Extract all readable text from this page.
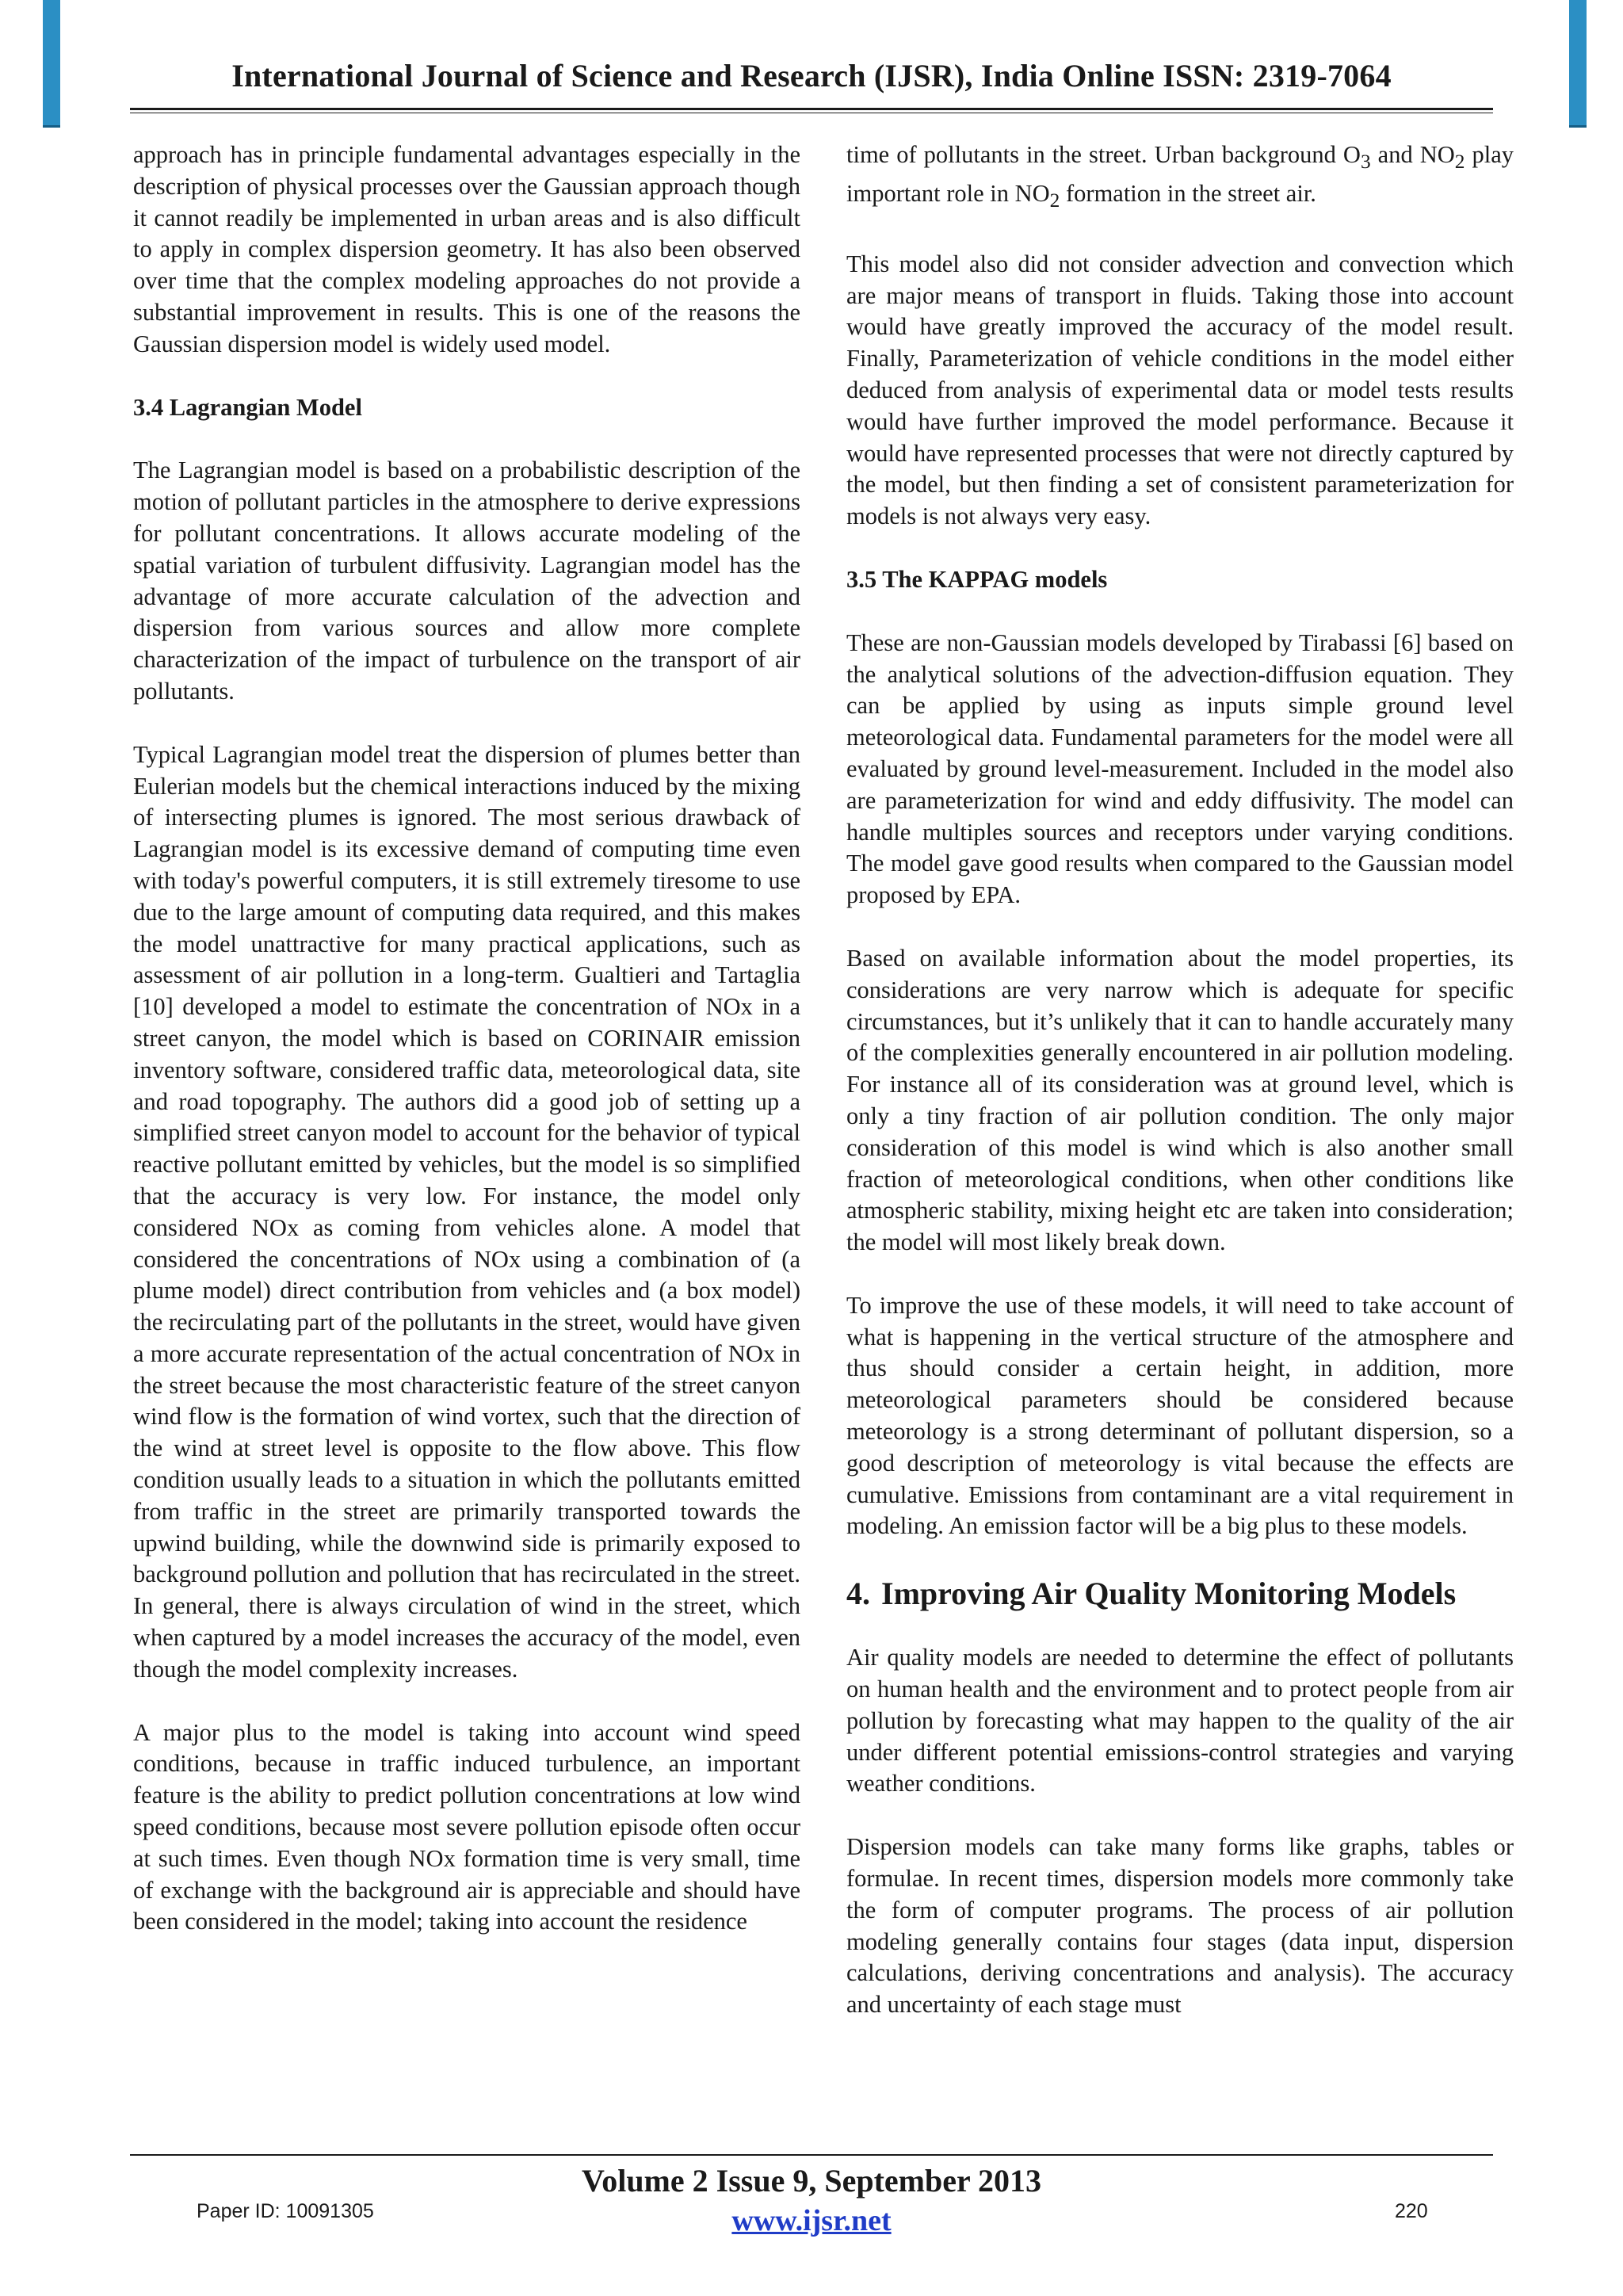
International Journal of Science and Research (IJSR), India Online ISSN: 2319-7064

approach has in principle fundamental advantages especially in the description of physical processes over the Gaussian approach though it cannot readily be implemented in urban areas and is also difficult to apply in complex dispersion geometry. It has also been observed over time that the complex modeling approaches do not provide a substantial improvement in results. This is one of the reasons the Gaussian dispersion model is widely used model.

3.4 Lagrangian Model

The Lagrangian model is based on a probabilistic description of the motion of pollutant particles in the atmosphere to derive expressions for pollutant concentrations. It allows accurate modeling of the spatial variation of turbulent diffusivity. Lagrangian model has the advantage of more accurate calculation of the advection and dispersion from various sources and allow more complete characterization of the impact of turbulence on the transport of air pollutants.

Typical Lagrangian model treat the dispersion of plumes better than Eulerian models but the chemical interactions induced by the mixing of intersecting plumes is ignored. The most serious drawback of Lagrangian model is its excessive demand of computing time even with today's powerful computers, it is still extremely tiresome to use due to the large amount of computing data required, and this makes the model unattractive for many practical applications, such as assessment of air pollution in a long-term. Gualtieri and Tartaglia [10] developed a model to estimate the concentration of NOx in a street canyon, the model which is based on CORINAIR emission inventory software, considered traffic data, meteorological data, site and road topography. The authors did a good job of setting up a simplified street canyon model to account for the behavior of typical reactive pollutant emitted by vehicles, but the model is so simplified that the accuracy is very low. For instance, the model only considered NOx as coming from vehicles alone. A model that considered the concentrations of NOx using a combination of (a plume model) direct contribution from vehicles and (a box model) the recirculating part of the pollutants in the street, would have given a more accurate representation of the actual concentration of NOx in the street because the most characteristic feature of the street canyon wind flow is the formation of wind vortex, such that the direction of the wind at street level is opposite to the flow above. This flow condition usually leads to a situation in which the pollutants emitted from traffic in the street are primarily transported towards the upwind building, while the downwind side is primarily exposed to background pollution and pollution that has recirculated in the street. In general, there is always circulation of wind in the street, which when captured by a model increases the accuracy of the model, even though the model complexity increases.

A major plus to the model is taking into account wind speed conditions, because in traffic induced turbulence, an important feature is the ability to predict pollution concentrations at low wind speed conditions, because most severe pollution episode often occur at such times. Even though NOx formation time is very small, time of exchange with the background air is appreciable and should have been considered in the model; taking into account the residence

time of pollutants in the street. Urban background $O_3$ and $NO_2$ play important role in $NO_2$ formation in the street air.

This model also did not consider advection and convection which are major means of transport in fluids. Taking those into account would have greatly improved the accuracy of the model result. Finally, Parameterization of vehicle conditions in the model either deduced from analysis of experimental data or model tests results would have further improved the model performance. Because it would have represented processes that were not directly captured by the model, but then finding a set of consistent parameterization for models is not always very easy.

3.5 The KAPPAG models

These are non-Gaussian models developed by Tirabassi [6] based on the analytical solutions of the advection-diffusion equation. They can be applied by using as inputs simple ground level meteorological data. Fundamental parameters for the model were all evaluated by ground level-measurement. Included in the model also are parameterization for wind and eddy diffusivity. The model can handle multiples sources and receptors under varying conditions. The model gave good results when compared to the Gaussian model proposed by EPA.

Based on available information about the model properties, its considerations are very narrow which is adequate for specific circumstances, but it’s unlikely that it can to handle accurately many of the complexities generally encountered in air pollution modeling. For instance all of its consideration was at ground level, which is only a tiny fraction of air pollution condition. The only major consideration of this model is wind which is also another small fraction of meteorological conditions, when other conditions like atmospheric stability, mixing height etc are taken into consideration; the model will most likely break down.

To improve the use of these models, it will need to take account of what is happening in the vertical structure of the atmosphere and thus should consider a certain height, in addition, more meteorological parameters should be considered because meteorology is a strong determinant of pollutant dispersion, so a good description of meteorology is vital because the effects are cumulative. Emissions from contaminant are a vital requirement in modeling. An emission factor will be a big plus to these models.

4. Improving Air Quality Monitoring Models

Air quality models are needed to determine the effect of pollutants on human health and the environment and to protect people from air pollution by forecasting what may happen to the quality of the air under different potential emissions-control strategies and varying weather conditions.

Dispersion models can take many forms like graphs, tables or formulae. In recent times, dispersion models more commonly take the form of computer programs. The process of air pollution modeling generally contains four stages (data input, dispersion calculations, deriving concentrations and analysis). The accuracy and uncertainty of each stage must

Volume 2 Issue 9, September 2013
www.ijsr.net
Paper ID: 10091305	220
